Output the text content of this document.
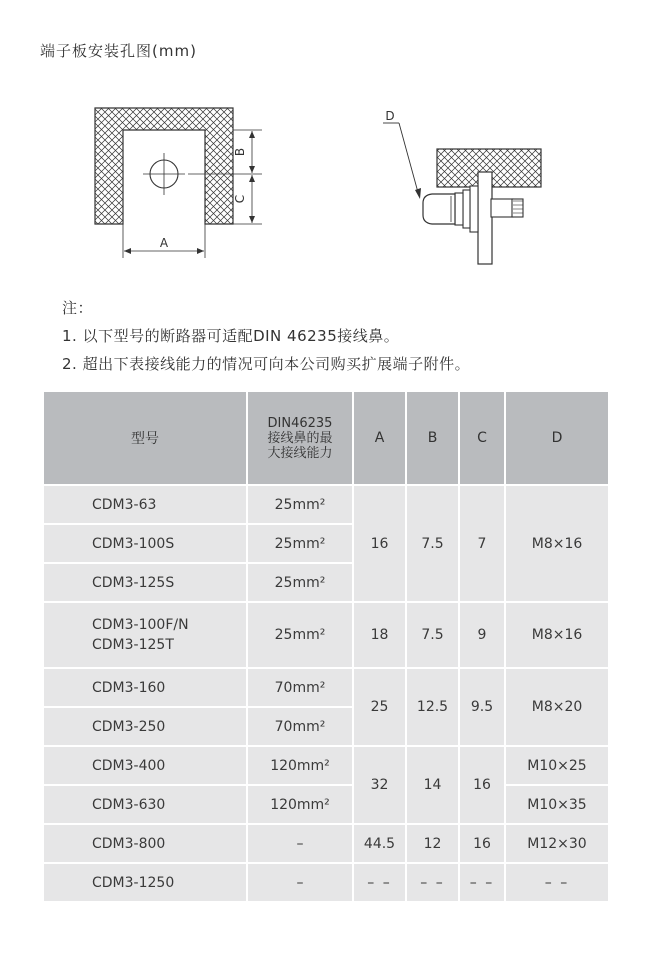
端子板安装孔图(mm)
A
B
C
D
注：
1. 以下型号的断路器可适配DIN 46235接线鼻。
2. 超出下表接线能力的情况可向本公司购买扩展端子附件。
型号	DIN46235
接线鼻的最
大接线能力	A	B	C	D
CDM3-63	25mm²	16	7.5	7	M8×16
CDM3-100S	25mm²				
CDM3-125S	25mm²				

CDM3-100F/N
CDM3-125T	25mm²	18	7.5	9	M8×16
CDM3-160	70mm²	25	12.5	9.5	M8×20
CDM3-250	70mm²				
CDM3-400	120mm²	32	14	16	M10×25
CDM3-630	120mm²				M10×35
CDM3-800	–	44.5	12	16	M12×30
CDM3-1250	–	– –	– –	– –	– –
